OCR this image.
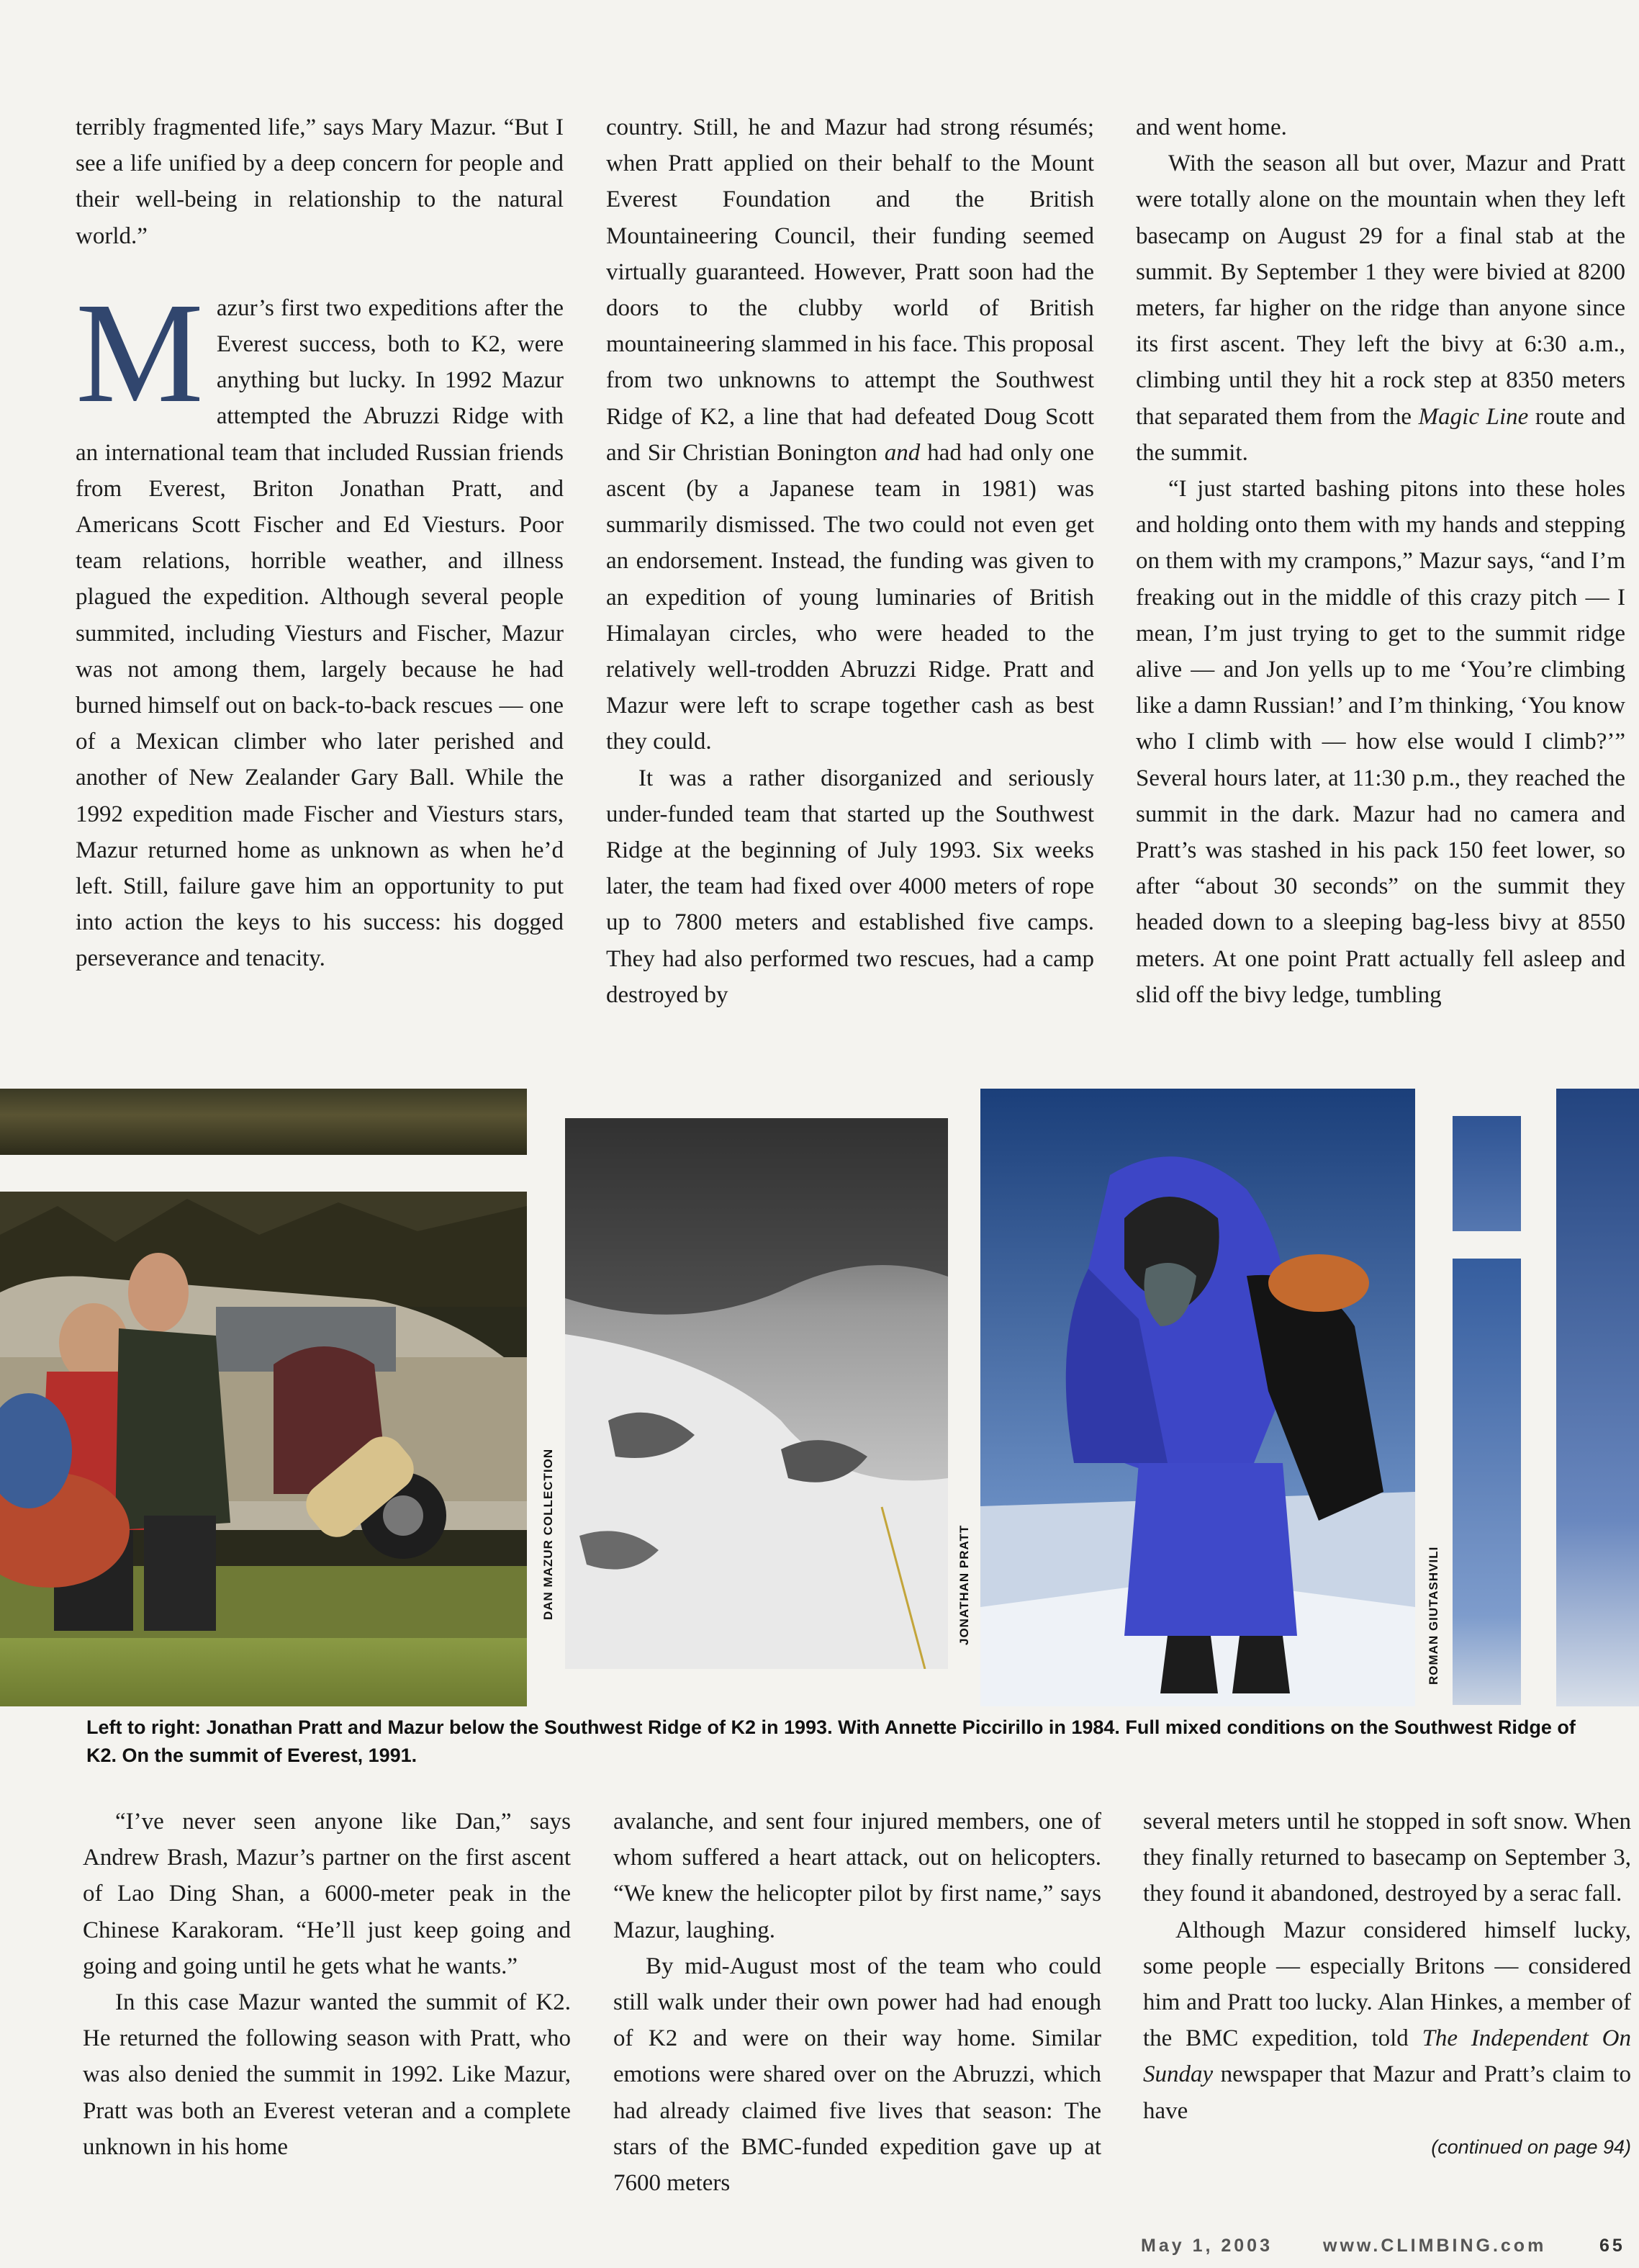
terribly fragmented life,” says Mary Mazur. “But I see a life unified by a deep concern for people and their well-being in relationship to the natural world.”

Mazur’s first two expeditions after the Everest success, both to K2, were anything but lucky. In 1992 Mazur attempted the Abruzzi Ridge with an international team that included Russian friends from Everest, Briton Jonathan Pratt, and Americans Scott Fischer and Ed Viesturs. Poor team relations, horrible weather, and illness plagued the expedition. Although several people summited, including Viesturs and Fischer, Mazur was not among them, largely because he had burned himself out on back-to-back rescues — one of a Mexican climber who later perished and another of New Zealander Gary Ball. While the 1992 expedition made Fischer and Viesturs stars, Mazur returned home as unknown as when he’d left. Still, failure gave him an opportunity to put into action the keys to his success: his dogged perseverance and tenacity.

country. Still, he and Mazur had strong résumés; when Pratt applied on their behalf to the Mount Everest Foundation and the British Mountaineering Council, their funding seemed virtually guaranteed. However, Pratt soon had the doors to the clubby world of British mountaineering slammed in his face. This proposal from two unknowns to attempt the Southwest Ridge of K2, a line that had defeated Doug Scott and Sir Christian Bonington and had had only one ascent (by a Japanese team in 1981) was summarily dismissed. The two could not even get an endorsement. Instead, the funding was given to an expedition of young luminaries of British Himalayan circles, who were headed to the relatively well-trodden Abruzzi Ridge. Pratt and Mazur were left to scrape together cash as best they could.

It was a rather disorganized and seriously under-funded team that started up the Southwest Ridge at the beginning of July 1993. Six weeks later, the team had fixed over 4000 meters of rope up to 7800 meters and established five camps. They had also performed two rescues, had a camp destroyed by

and went home.

With the season all but over, Mazur and Pratt were totally alone on the mountain when they left basecamp on August 29 for a final stab at the summit. By September 1 they were bivied at 8200 meters, far higher on the ridge than anyone since its first ascent. They left the bivy at 6:30 a.m., climbing until they hit a rock step at 8350 meters that separated them from the Magic Line route and the summit.

“I just started bashing pitons into these holes and holding onto them with my hands and stepping on them with my crampons,” Mazur says, “and I’m freaking out in the middle of this crazy pitch — I mean, I’m just trying to get to the summit ridge alive — and Jon yells up to me ‘You’re climbing like a damn Russian!’ and I’m thinking, ‘You know who I climb with — how else would I climb?’” Several hours later, at 11:30 p.m., they reached the summit in the dark. Mazur had no camera and Pratt’s was stashed in his pack 150 feet lower, so after “about 30 seconds” on the summit they headed down to a sleeping bag-less bivy at 8550 meters. At one point Pratt actually fell asleep and slid off the bivy ledge, tumbling

DAN MAZUR COLLECTION	JONATHAN PRATT	ROMAN GIUTASHVILI
Left to right: Jonathan Pratt and Mazur below the Southwest Ridge of K2 in 1993. With Annette Piccirillo in 1984. Full mixed conditions on the Southwest Ridge of K2. On the summit of Everest, 1991.

“I’ve never seen anyone like Dan,” says Andrew Brash, Mazur’s partner on the first ascent of Lao Ding Shan, a 6000-meter peak in the Chinese Karakoram. “He’ll just keep going and going and going until he gets what he wants.”

In this case Mazur wanted the summit of K2. He returned the following season with Pratt, who was also denied the summit in 1992. Like Mazur, Pratt was both an Everest veteran and a complete unknown in his home

avalanche, and sent four injured members, one of whom suffered a heart attack, out on helicopters. “We knew the helicopter pilot by first name,” says Mazur, laughing.

By mid-August most of the team who could still walk under their own power had had enough of K2 and were on their way home. Similar emotions were shared over on the Abruzzi, which had already claimed five lives that season: The stars of the BMC-funded expedition gave up at 7600 meters

several meters until he stopped in soft snow. When they finally returned to basecamp on September 3, they found it abandoned, destroyed by a serac fall.

Although Mazur considered himself lucky, some people — especially Britons — considered him and Pratt too lucky. Alan Hinkes, a member of the BMC expedition, told The Independent On Sunday newspaper that Mazur and Pratt’s claim to have

(continued on page 94)
May 1, 2003	www.CLIMBING.com	65
